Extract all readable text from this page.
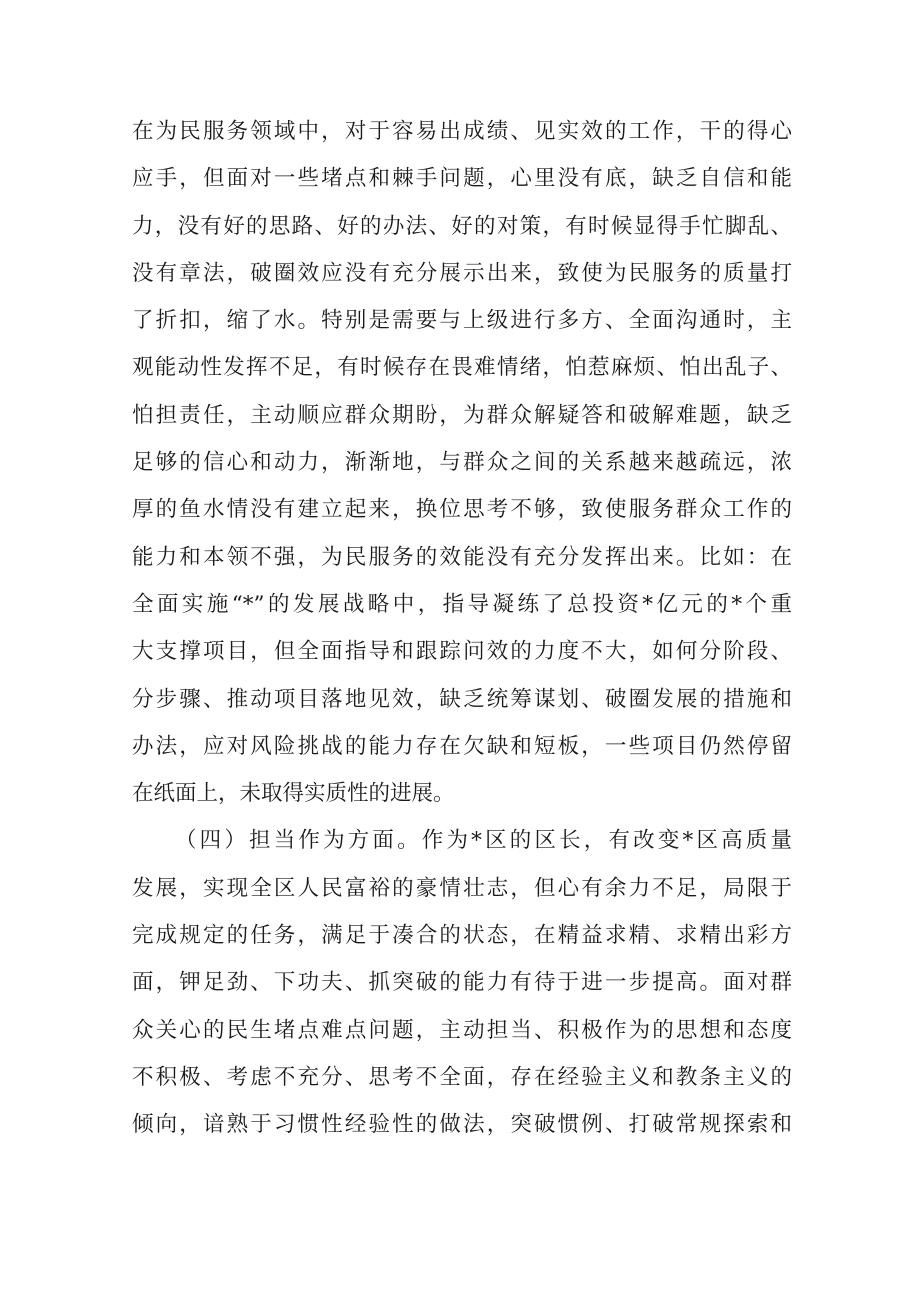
在为民服务领域中，对于容易出成绩、见实效的工作，干的得心
应手，但面对一些堵点和棘手问题，心里没有底，缺乏自信和能
力，没有好的思路、好的办法、好的对策，有时候显得手忙脚乱、
没有章法，破圈效应没有充分展示出来，致使为民服务的质量打
了折扣，缩了水。特别是需要与上级进行多方、全面沟通时，主
观能动性发挥不足，有时候存在畏难情绪，怕惹麻烦、怕出乱子、
怕担责任，主动顺应群众期盼，为群众解疑答和破解难题，缺乏
足够的信心和动力，渐渐地，与群众之间的关系越来越疏远，浓
厚的鱼水情没有建立起来，换位思考不够，致使服务群众工作的
能力和本领不强，为民服务的效能没有充分发挥出来。比如：在
全面实施“*”的发展战略中，指导凝练了总投资*亿元的*个重
大支撑项目，但全面指导和跟踪问效的力度不大，如何分阶段、
分步骤、推动项目落地见效，缺乏统筹谋划、破圈发展的措施和
办法，应对风险挑战的能力存在欠缺和短板，一些项目仍然停留
在纸面上，未取得实质性的进展。
（四）担当作为方面。作为*区的区长，有改变*区高质量
发展，实现全区人民富裕的豪情壮志，但心有余力不足，局限于
完成规定的任务，满足于凑合的状态，在精益求精、求精出彩方
面，钾足劲、下功夫、抓突破的能力有待于进一步提高。面对群
众关心的民生堵点难点问题，主动担当、积极作为的思想和态度
不积极、考虑不充分、思考不全面，存在经验主义和教条主义的
倾向，谙熟于习惯性经验性的做法，突破惯例、打破常规探索和
